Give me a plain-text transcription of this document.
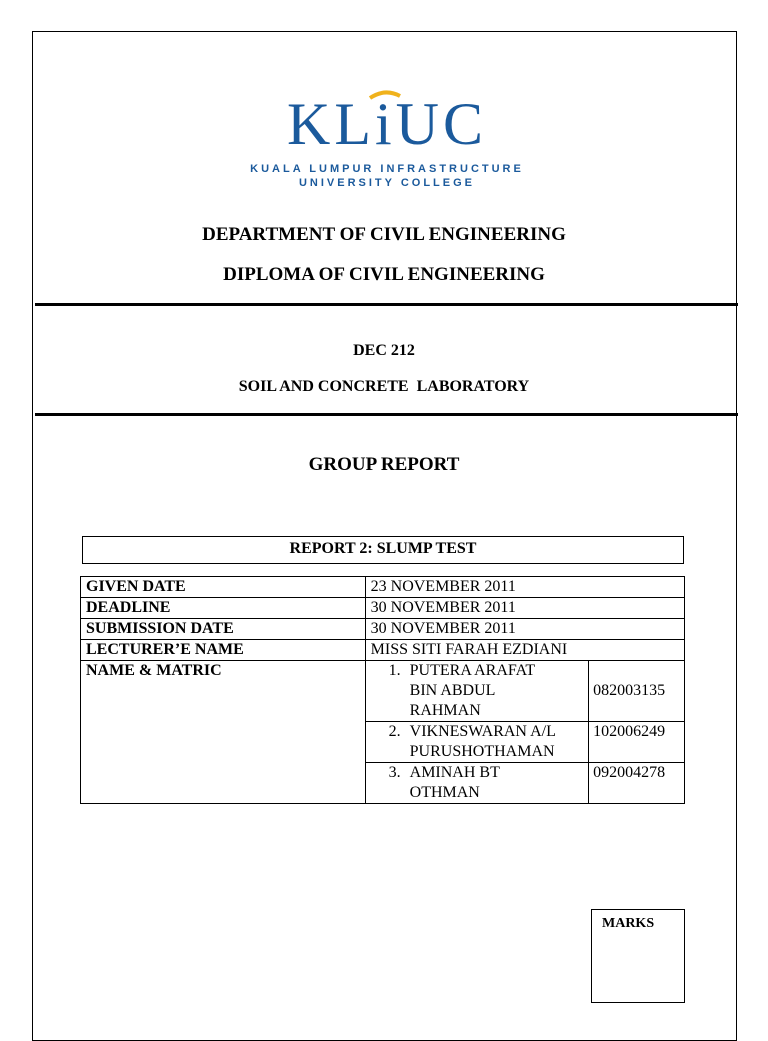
KLiUC
KUALA LUMPUR INFRASTRUCTURE
UNIVERSITY COLLEGE
DEPARTMENT OF CIVIL ENGINEERING
DIPLOMA OF CIVIL ENGINEERING
DEC 212
SOIL AND CONCRETE  LABORATORY
GROUP REPORT
REPORT 2: SLUMP TEST
GIVEN DATE	23 NOVEMBER 2011	
DEADLINE	30 NOVEMBER 2011	
SUBMISSION DATE	30 NOVEMBER 2011	
LECTURER’E NAME	MISS SITI FARAH EZDIANI	
NAME & MATRIC	1. PUTERA ARAFAT
BIN ABDUL
RAHMAN	082003135

	2. VIKNESWARAN A/L
PURUSHOTHAMAN	102006249

	3. AMINAH BT
OTHMAN	092004278
MARKS
